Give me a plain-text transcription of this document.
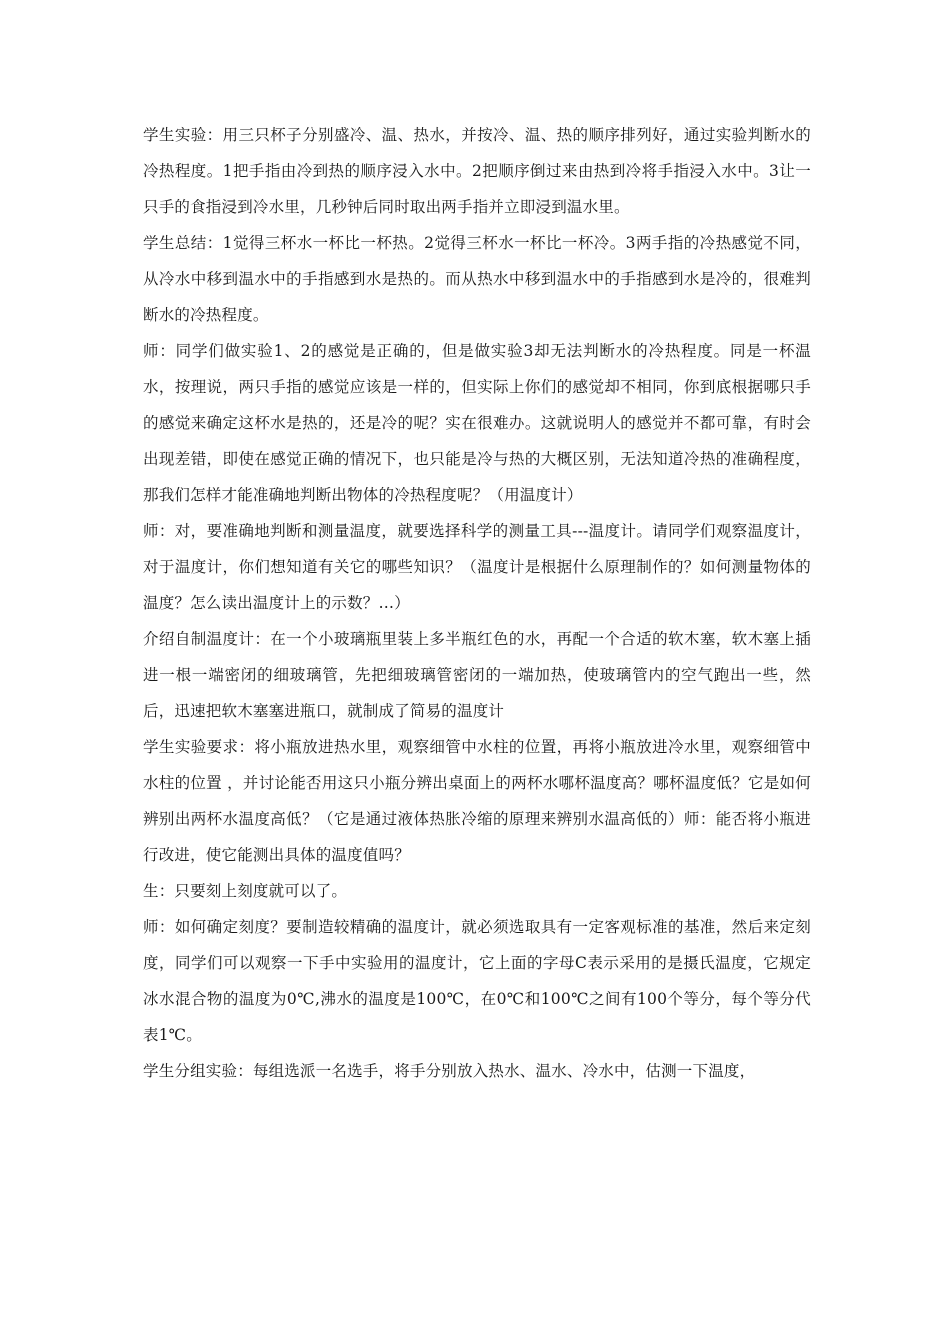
学生实验：用三只杯子分别盛冷、温、热水，并按冷、温、热的顺序排列好，通过实验判断水的冷热程度。1把手指由冷到热的顺序浸入水中。2把顺序倒过来由热到冷将手指浸入水中。3让一只手的食指浸到冷水里，几秒钟后同时取出两手指并立即浸到温水里。

学生总结：1觉得三杯水一杯比一杯热。2觉得三杯水一杯比一杯冷。3两手指的冷热感觉不同，从冷水中移到温水中的手指感到水是热的。而从热水中移到温水中的手指感到水是冷的，很难判断水的冷热程度。

师：同学们做实验1、2的感觉是正确的，但是做实验3却无法判断水的冷热程度。同是一杯温水，按理说，两只手指的感觉应该是一样的，但实际上你们的感觉却不相同，你到底根据哪只手的感觉来确定这杯水是热的，还是冷的呢？实在很难办。这就说明人的感觉并不都可靠，有时会出现差错，即使在感觉正确的情况下，也只能是冷与热的大概区别，无法知道冷热的准确程度，那我们怎样才能准确地判断出物体的冷热程度呢？（用温度计）

师：对，要准确地判断和测量温度，就要选择科学的测量工具---温度计。请同学们观察温度计，对于温度计，你们想知道有关它的哪些知识？（温度计是根据什么原理制作的？如何测量物体的温度？怎么读出温度计上的示数？…）

介绍自制温度计：在一个小玻璃瓶里装上多半瓶红色的水，再配一个合适的软木塞，软木塞上插进一根一端密闭的细玻璃管，先把细玻璃管密闭的一端加热，使玻璃管内的空气跑出一些，然后，迅速把软木塞塞进瓶口，就制成了简易的温度计

学生实验要求：将小瓶放进热水里，观察细管中水柱的位置，再将小瓶放进冷水里，观察细管中水柱的位置 ，并讨论能否用这只小瓶分辨出桌面上的两杯水哪杯温度高？哪杯温度低？它是如何辨别出两杯水温度高低？（它是通过液体热胀冷缩的原理来辨别水温高低的）师：能否将小瓶进行改进，使它能测出具体的温度值吗？

生：只要刻上刻度就可以了。

师：如何确定刻度？要制造较精确的温度计，就必须选取具有一定客观标准的基准，然后来定刻度，同学们可以观察一下手中实验用的温度计，它上面的字母C表示采用的是摄氏温度，它规定冰水混合物的温度为0℃,沸水的温度是100℃，在0℃和100℃之间有100个等分，每个等分代表1℃。

学生分组实验：每组选派一名选手，将手分别放入热水、温水、冷水中，估测一下温度，
